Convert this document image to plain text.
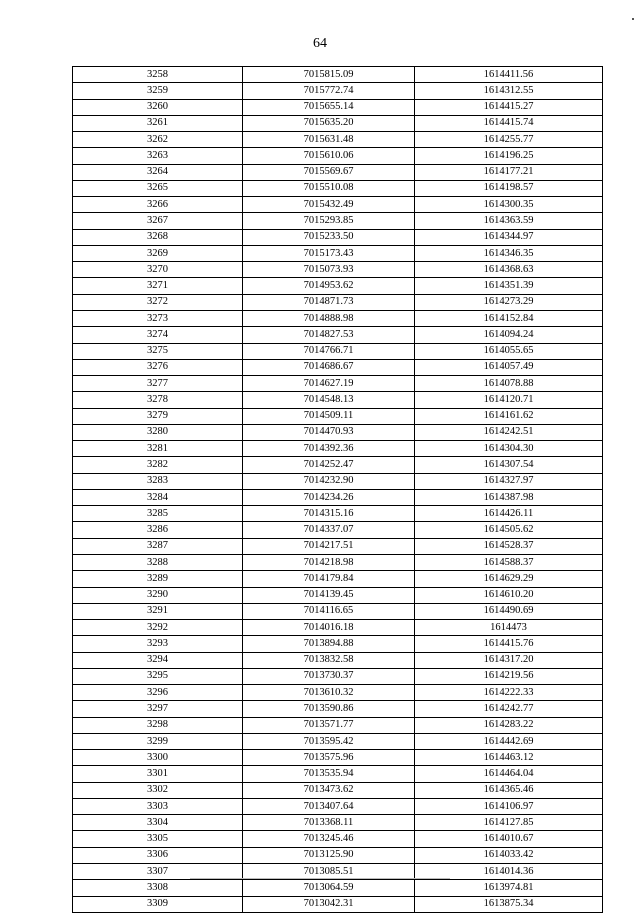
64
3258	7015815.09	1614411.56
3259	7015772.74	1614312.55
3260	7015655.14	1614415.27
3261	7015635.20	1614415.74
3262	7015631.48	1614255.77
3263	7015610.06	1614196.25
3264	7015569.67	1614177.21
3265	7015510.08	1614198.57
3266	7015432.49	1614300.35
3267	7015293.85	1614363.59
3268	7015233.50	1614344.97
3269	7015173.43	1614346.35
3270	7015073.93	1614368.63
3271	7014953.62	1614351.39
3272	7014871.73	1614273.29
3273	7014888.98	1614152.84
3274	7014827.53	1614094.24
3275	7014766.71	1614055.65
3276	7014686.67	1614057.49
3277	7014627.19	1614078.88
3278	7014548.13	1614120.71
3279	7014509.11	1614161.62
3280	7014470.93	1614242.51
3281	7014392.36	1614304.30
3282	7014252.47	1614307.54
3283	7014232.90	1614327.97
3284	7014234.26	1614387.98
3285	7014315.16	1614426.11
3286	7014337.07	1614505.62
3287	7014217.51	1614528.37
3288	7014218.98	1614588.37
3289	7014179.84	1614629.29
3290	7014139.45	1614610.20
3291	7014116.65	1614490.69
3292	7014016.18	1614473
3293	7013894.88	1614415.76
3294	7013832.58	1614317.20
3295	7013730.37	1614219.56
3296	7013610.32	1614222.33
3297	7013590.86	1614242.77
3298	7013571.77	1614283.22
3299	7013595.42	1614442.69
3300	7013575.96	1614463.12
3301	7013535.94	1614464.04
3302	7013473.62	1614365.46
3303	7013407.64	1614106.97
3304	7013368.11	1614127.85
3305	7013245.46	1614010.67
3306	7013125.90	1614033.42
3307	7013085.51	1614014.36
3308	7013064.59	1613974.81
3309	7013042.31	1613875.34
